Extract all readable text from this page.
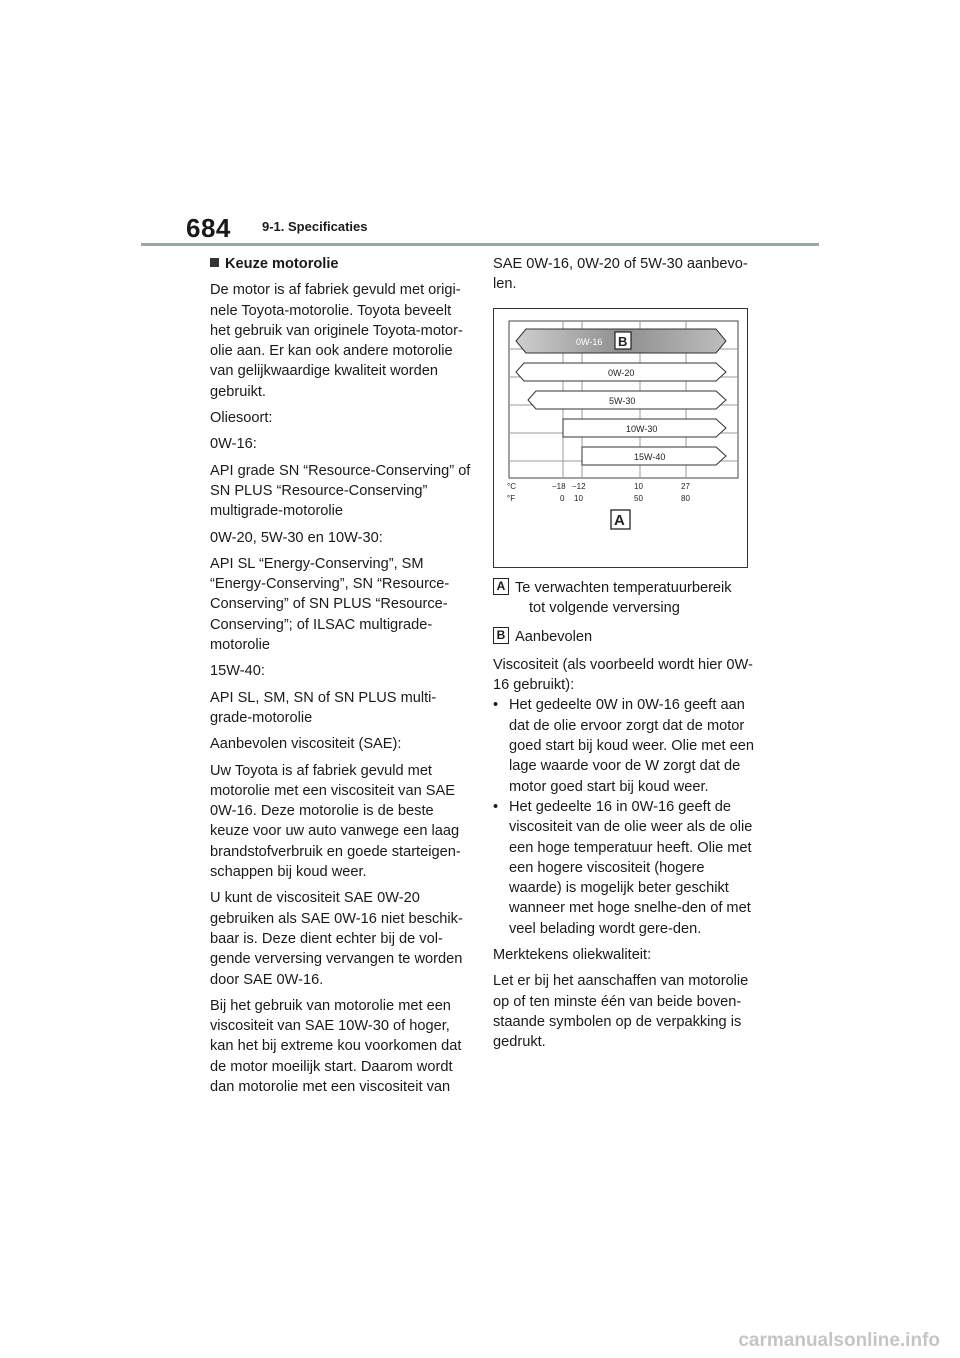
684 9-1. Specificaties

Keuze motorolie

De motor is af fabriek gevuld met origi-nele Toyota-motorolie. Toyota beveelt het gebruik van originele Toyota-motor-olie aan. Er kan ook andere motorolie van gelijkwaardige kwaliteit worden gebruikt.

Oliesoort:

0W-16:

API grade SN “Resource-Conserving” of SN PLUS “Resource-Conserving” multigrade-motorolie

0W-20, 5W-30 en 10W-30:

API SL “Energy-Conserving”, SM “Energy-Conserving”, SN “Resource-Conserving” of SN PLUS “Resource-Conserving”; of ILSAC multigrade-motorolie

15W-40:

API SL, SM, SN of SN PLUS multi-grade-motorolie

Aanbevolen viscositeit (SAE):

Uw Toyota is af fabriek gevuld met motorolie met een viscositeit van SAE 0W-16. Deze motorolie is de beste keuze voor uw auto vanwege een laag brandstofverbruik en goede starteigen-schappen bij koud weer.

U kunt de viscositeit SAE 0W-20 gebruiken als SAE 0W-16 niet beschik-baar is. Deze dient echter bij de vol-gende verversing vervangen te worden door SAE 0W-16.

Bij het gebruik van motorolie met een viscositeit van SAE 10W-30 of hoger, kan het bij extreme kou voorkomen dat de motor moeilijk start. Daarom wordt dan motorolie met een viscositeit van

SAE 0W-16, 0W-20 of 5W-30 aanbevo-len.

0W-16 B
0W-20
5W-30
10W-30
15W-40
°C
°F
−18 −12	10	27
0 10	50	80
A
A Te verwachten temperatuurbereik
tot volgende verversing
B Aanbevolen

Viscositeit (als voorbeeld wordt hier 0W-16 gebruikt):

• Het gedeelte 0W in 0W-16 geeft aan dat de olie ervoor zorgt dat de motor goed start bij koud weer. Olie met een lage waarde voor de W zorgt dat de motor goed start bij koud weer.

• Het gedeelte 16 in 0W-16 geeft de viscositeit van de olie weer als de olie een hoge temperatuur heeft. Olie met een hogere viscositeit (hogere waarde) is mogelijk beter geschikt wanneer met hoge snelhe-den of met veel belading wordt gere-den.

Merktekens oliekwaliteit:

Let er bij het aanschaffen van motorolie op of ten minste één van beide boven-staande symbolen op de verpakking is gedrukt.

carmanualsonline.info
